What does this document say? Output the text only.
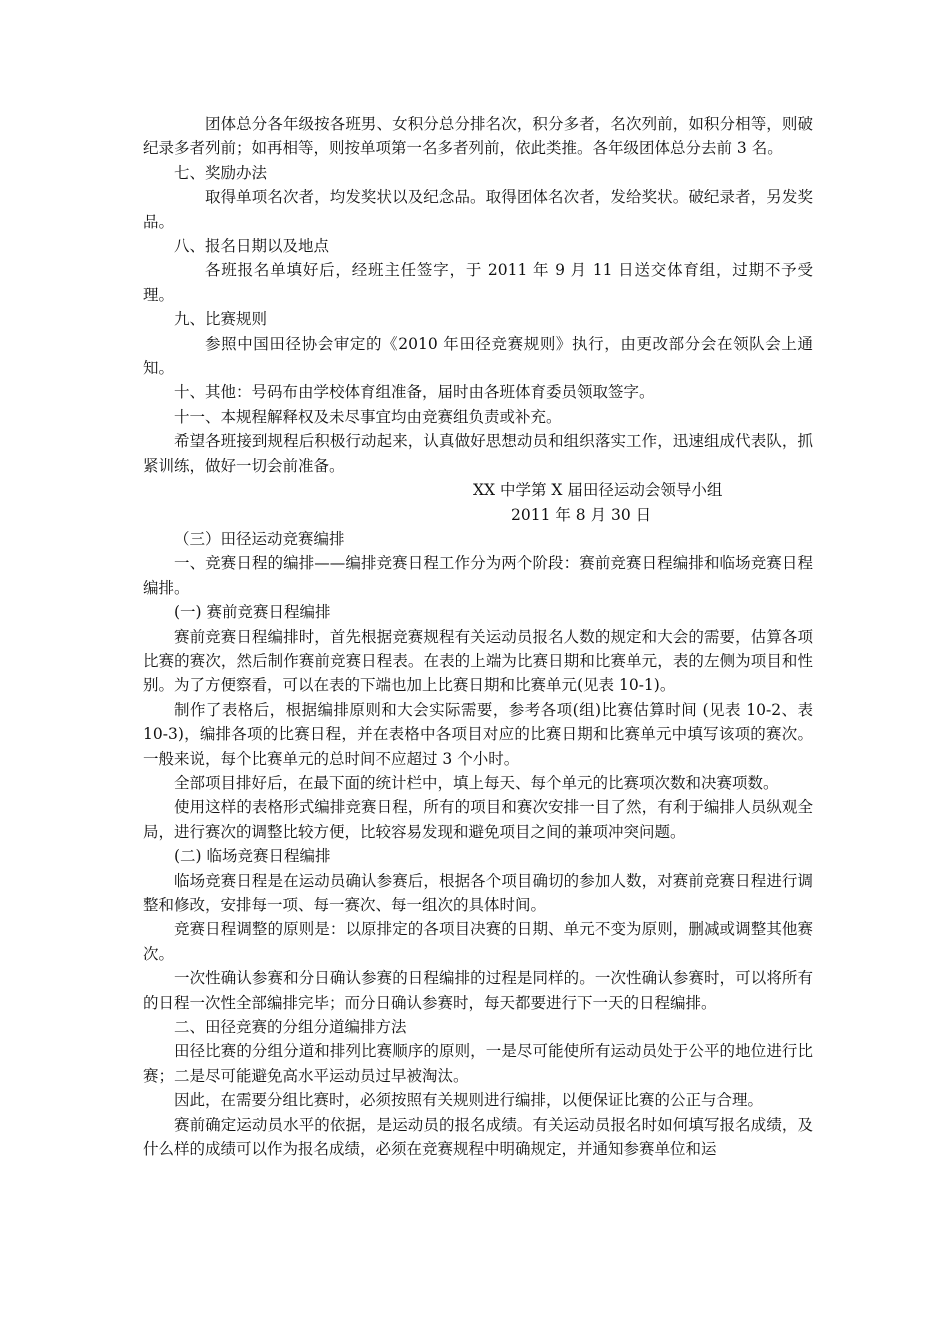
团体总分各年级按各班男、女积分总分排名次，积分多者，名次列前，如积分相等，则破纪录多者列前；如再相等，则按单项第一名多者列前，依此类推。各年级团体总分去前 3 名。

七、奖励办法

取得单项名次者，均发奖状以及纪念品。取得团体名次者，发给奖状。破纪录者，另发奖品。

八、报名日期以及地点

各班报名单填好后，经班主任签字，于 2011 年 9 月 11 日送交体育组，过期不予受理。

九、比赛规则

参照中国田径协会审定的《2010 年田径竞赛规则》执行，由更改部分会在领队会上通知。

十、其他：号码布由学校体育组准备，届时由各班体育委员领取签字。

十一、本规程解释权及未尽事宜均由竞赛组负责或补充。

希望各班接到规程后积极行动起来，认真做好思想动员和组织落实工作，迅速组成代表队，抓紧训练，做好一切会前准备。

XX 中学第 X 届田径运动会领导小组

2011 年 8 月 30 日

（三）田径运动竞赛编排

一、竞赛日程的编排——编排竞赛日程工作分为两个阶段：赛前竞赛日程编排和临场竞赛日程编排。

(一) 赛前竞赛日程编排

赛前竞赛日程编排时，首先根据竞赛规程有关运动员报名人数的规定和大会的需要，估算各项比赛的赛次，然后制作赛前竞赛日程表。在表的上端为比赛日期和比赛单元，表的左侧为项目和性别。为了方便察看，可以在表的下端也加上比赛日期和比赛单元(见表 10-1)。

制作了表格后，根据编排原则和大会实际需要，参考各项(组)比赛估算时间 (见表 10-2、表 10-3)，编排各项的比赛日程，并在表格中各项目对应的比赛日期和比赛单元中填写该项的赛次。一般来说，每个比赛单元的总时间不应超过 3 个小时。

全部项目排好后，在最下面的统计栏中，填上每天、每个单元的比赛项次数和决赛项数。

使用这样的表格形式编排竞赛日程，所有的项目和赛次安排一目了然，有利于编排人员纵观全局，进行赛次的调整比较方便，比较容易发现和避免项目之间的兼项冲突问题。

(二) 临场竞赛日程编排

临场竞赛日程是在运动员确认参赛后，根据各个项目确切的参加人数，对赛前竞赛日程进行调整和修改，安排每一项、每一赛次、每一组次的具体时间。

竞赛日程调整的原则是：以原排定的各项目决赛的日期、单元不变为原则，删减或调整其他赛次。

一次性确认参赛和分日确认参赛的日程编排的过程是同样的。一次性确认参赛时，可以将所有的日程一次性全部编排完毕；而分日确认参赛时，每天都要进行下一天的日程编排。

二、田径竞赛的分组分道编排方法

田径比赛的分组分道和排列比赛顺序的原则，一是尽可能使所有运动员处于公平的地位进行比赛；二是尽可能避免高水平运动员过早被淘汰。

因此，在需要分组比赛时，必须按照有关规则进行编排，以便保证比赛的公正与合理。

赛前确定运动员水平的依据，是运动员的报名成绩。有关运动员报名时如何填写报名成绩，及什么样的成绩可以作为报名成绩，必须在竞赛规程中明确规定，并通知参赛单位和运
